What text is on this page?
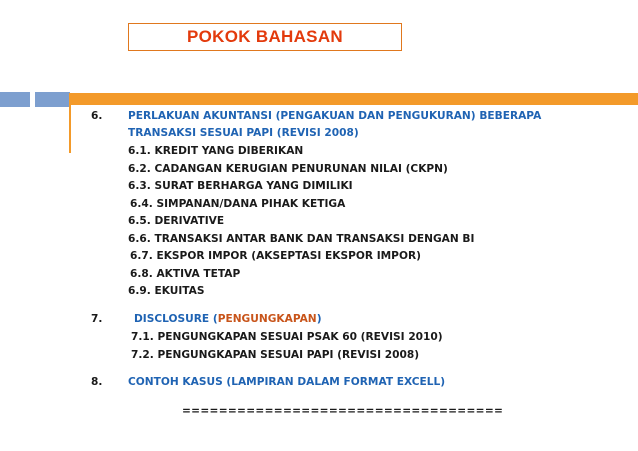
POKOK BAHASAN
6. PERLAKUAN AKUNTANSI (PENGAKUAN DAN PENGUKURAN) BEBERAPA
TRANSAKSI SESUAI PAPI (REVISI 2008)
6.1. KREDIT YANG DIBERIKAN
6.2. CADANGAN KERUGIAN PENURUNAN NILAI (CKPN)
6.3. SURAT BERHARGA YANG DIMILIKI
6.4. SIMPANAN/DANA PIHAK KETIGA
6.5. DERIVATIVE
6.6. TRANSAKSI ANTAR BANK DAN TRANSAKSI DENGAN BI
6.7. EKSPOR IMPOR (AKSEPTASI EKSPOR IMPOR)
6.8. AKTIVA TETAP
6.9. EKUITAS
7.	DISCLOSURE (PENGUNGKAPAN)
7.1. PENGUNGKAPAN SESUAI PSAK 60 (REVISI 2010)
7.2. PENGUNGKAPAN SESUAI PAPI (REVISI 2008)
8. CONTOH KASUS (LAMPIRAN DALAM FORMAT EXCELL)
===================================
